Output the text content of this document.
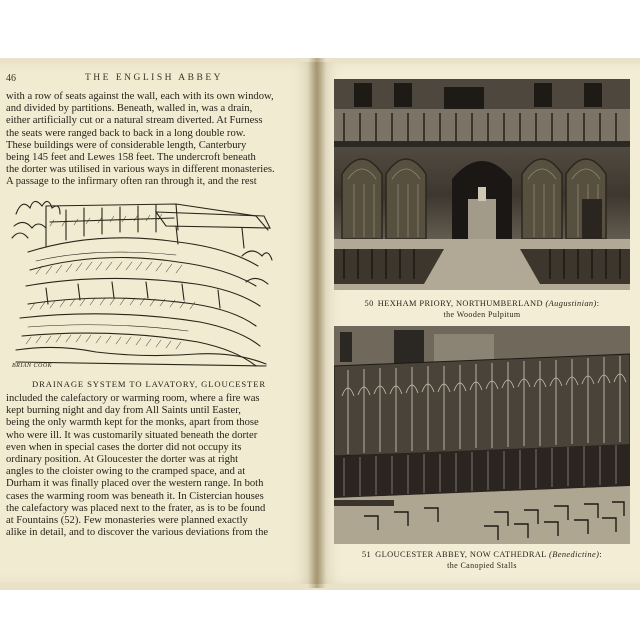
46	THE ENGLISH ABBEY
with a row of seats against the wall, each with its own window,
and divided by partitions. Beneath, walled in, was a drain,
either artificially cut or a natural stream diverted. At Furness
the seats were ranged back to back in a long double row.
These buildings were of considerable length, Canterbury
being 145 feet and Lewes 158 feet. The undercroft beneath
the dorter was utilised in various ways in different monasteries.
A passage to the infirmary often ran through it, and the rest
BRIAN COOK
DRAINAGE SYSTEM TO LAVATORY, GLOUCESTER
included the calefactory or warming room, where a fire was
kept burning night and day from All Saints until Easter,
being the only warmth kept for the monks, apart from those
who were ill. It was customarily situated beneath the dorter
even when in special cases the dorter did not occupy its
ordinary position. At Gloucester the dorter was at right
angles to the cloister owing to the cramped space, and at
Durham it was finally placed over the western range. In both
cases the warming room was beneath it. In Cistercian houses
the calefactory was placed next to the frater, as is to be found
at Fountains (52). Few monasteries were planned exactly
alike in detail, and to discover the various deviations from the
50 HEXHAM PRIORY, NORTHUMBERLAND (Augustinian):
the Wooden Pulpitum
51 GLOUCESTER ABBEY, NOW CATHEDRAL (Benedictine):
the Canopied Stalls
